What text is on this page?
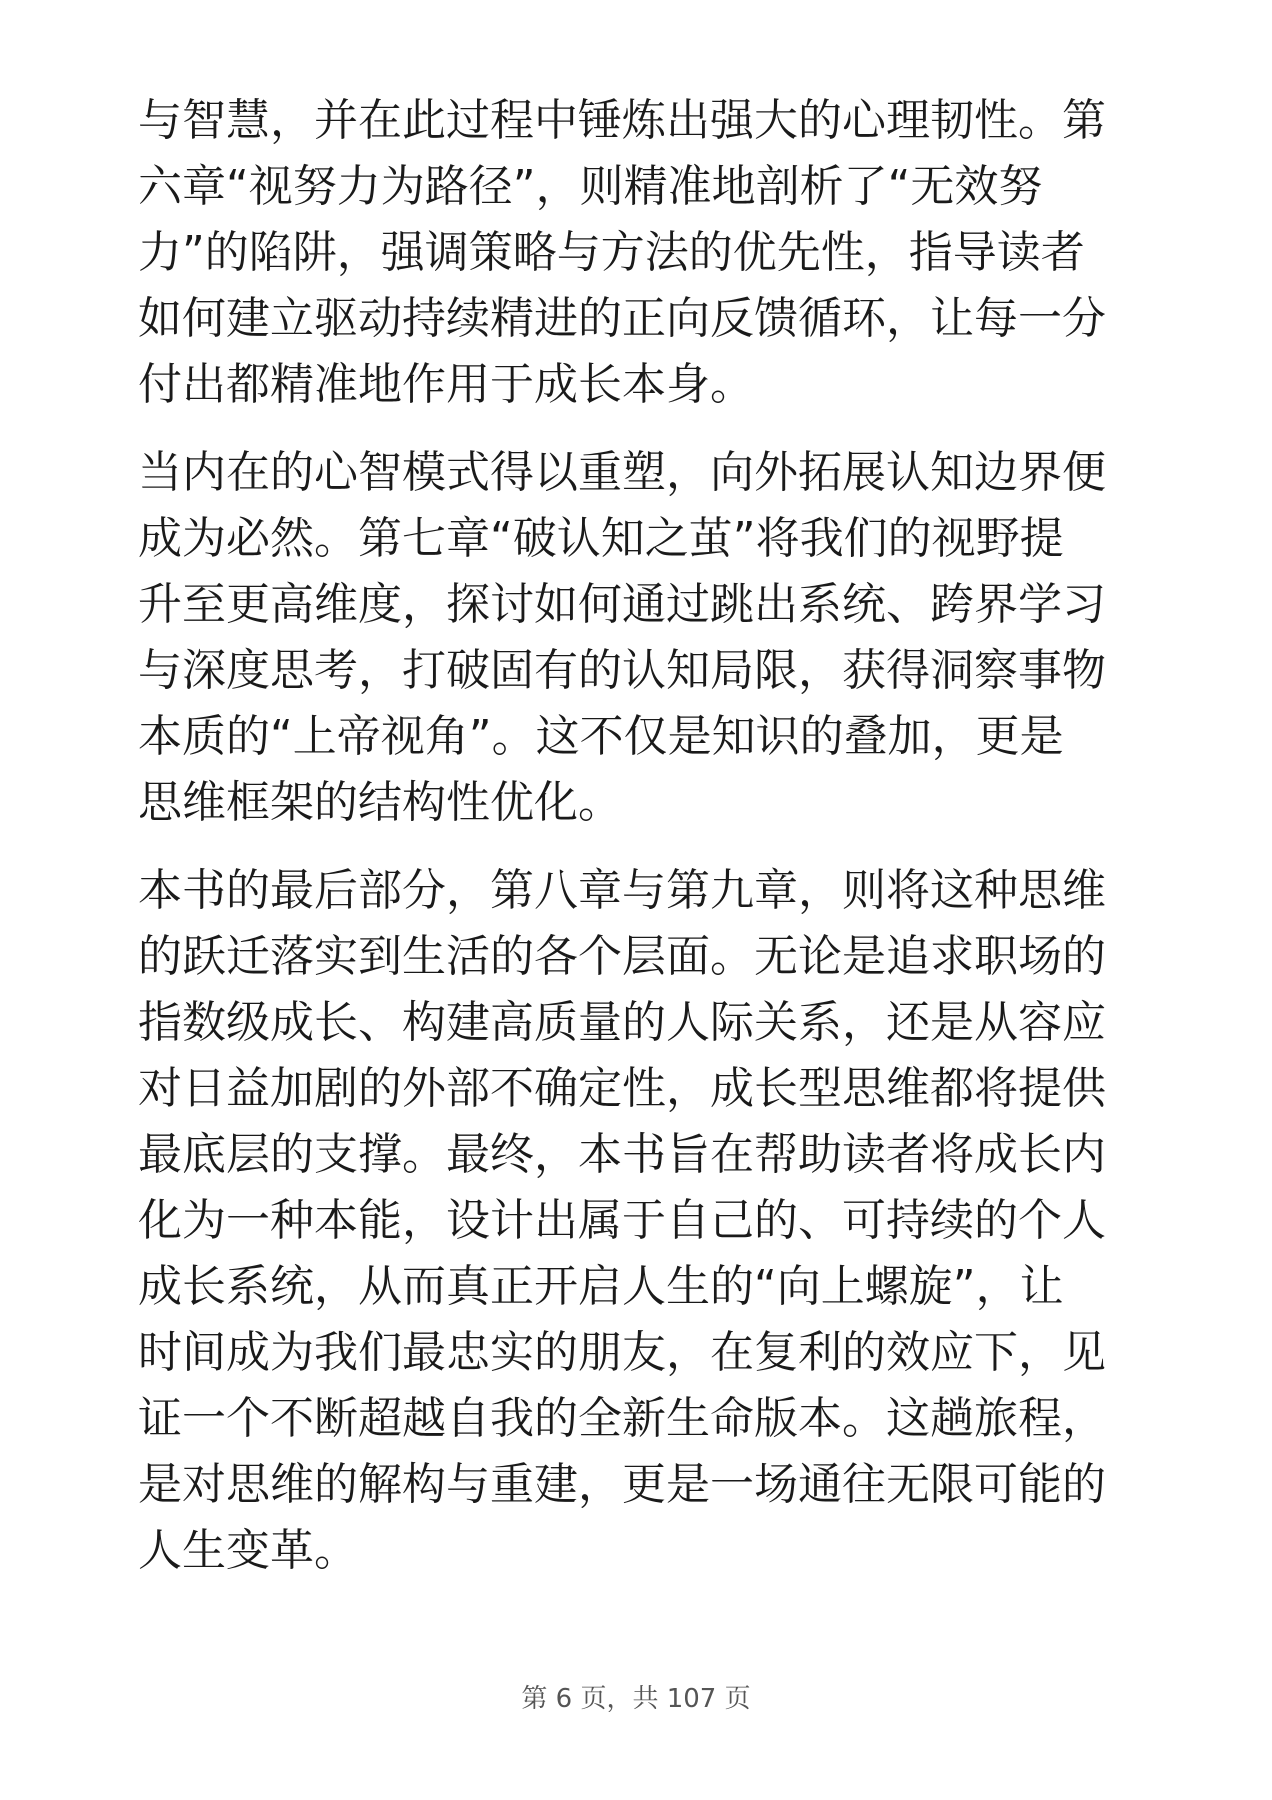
与智慧，并在此过程中锤炼出强大的心理韧性。第
六章“视努力为路径”，则精准地剖析了“无效努
力”的陷阱，强调策略与方法的优先性，指导读者
如何建立驱动持续精进的正向反馈循环，让每一分
付出都精准地作用于成长本身。
当内在的心智模式得以重塑，向外拓展认知边界便
成为必然。第七章“破认知之茧”将我们的视野提
升至更高维度，探讨如何通过跳出系统、跨界学习
与深度思考，打破固有的认知局限，获得洞察事物
本质的“上帝视角”。这不仅是知识的叠加，更是
思维框架的结构性优化。
本书的最后部分，第八章与第九章，则将这种思维
的跃迁落实到生活的各个层面。无论是追求职场的
指数级成长、构建高质量的人际关系，还是从容应
对日益加剧的外部不确定性，成长型思维都将提供
最底层的支撑。最终，本书旨在帮助读者将成长内
化为一种本能，设计出属于自己的、可持续的个人
成长系统，从而真正开启人生的“向上螺旋”，让
时间成为我们最忠实的朋友，在复利的效应下，见
证一个不断超越自我的全新生命版本。这趟旅程，
是对思维的解构与重建，更是一场通往无限可能的
人生变革。
第 6 页，共 107 页
